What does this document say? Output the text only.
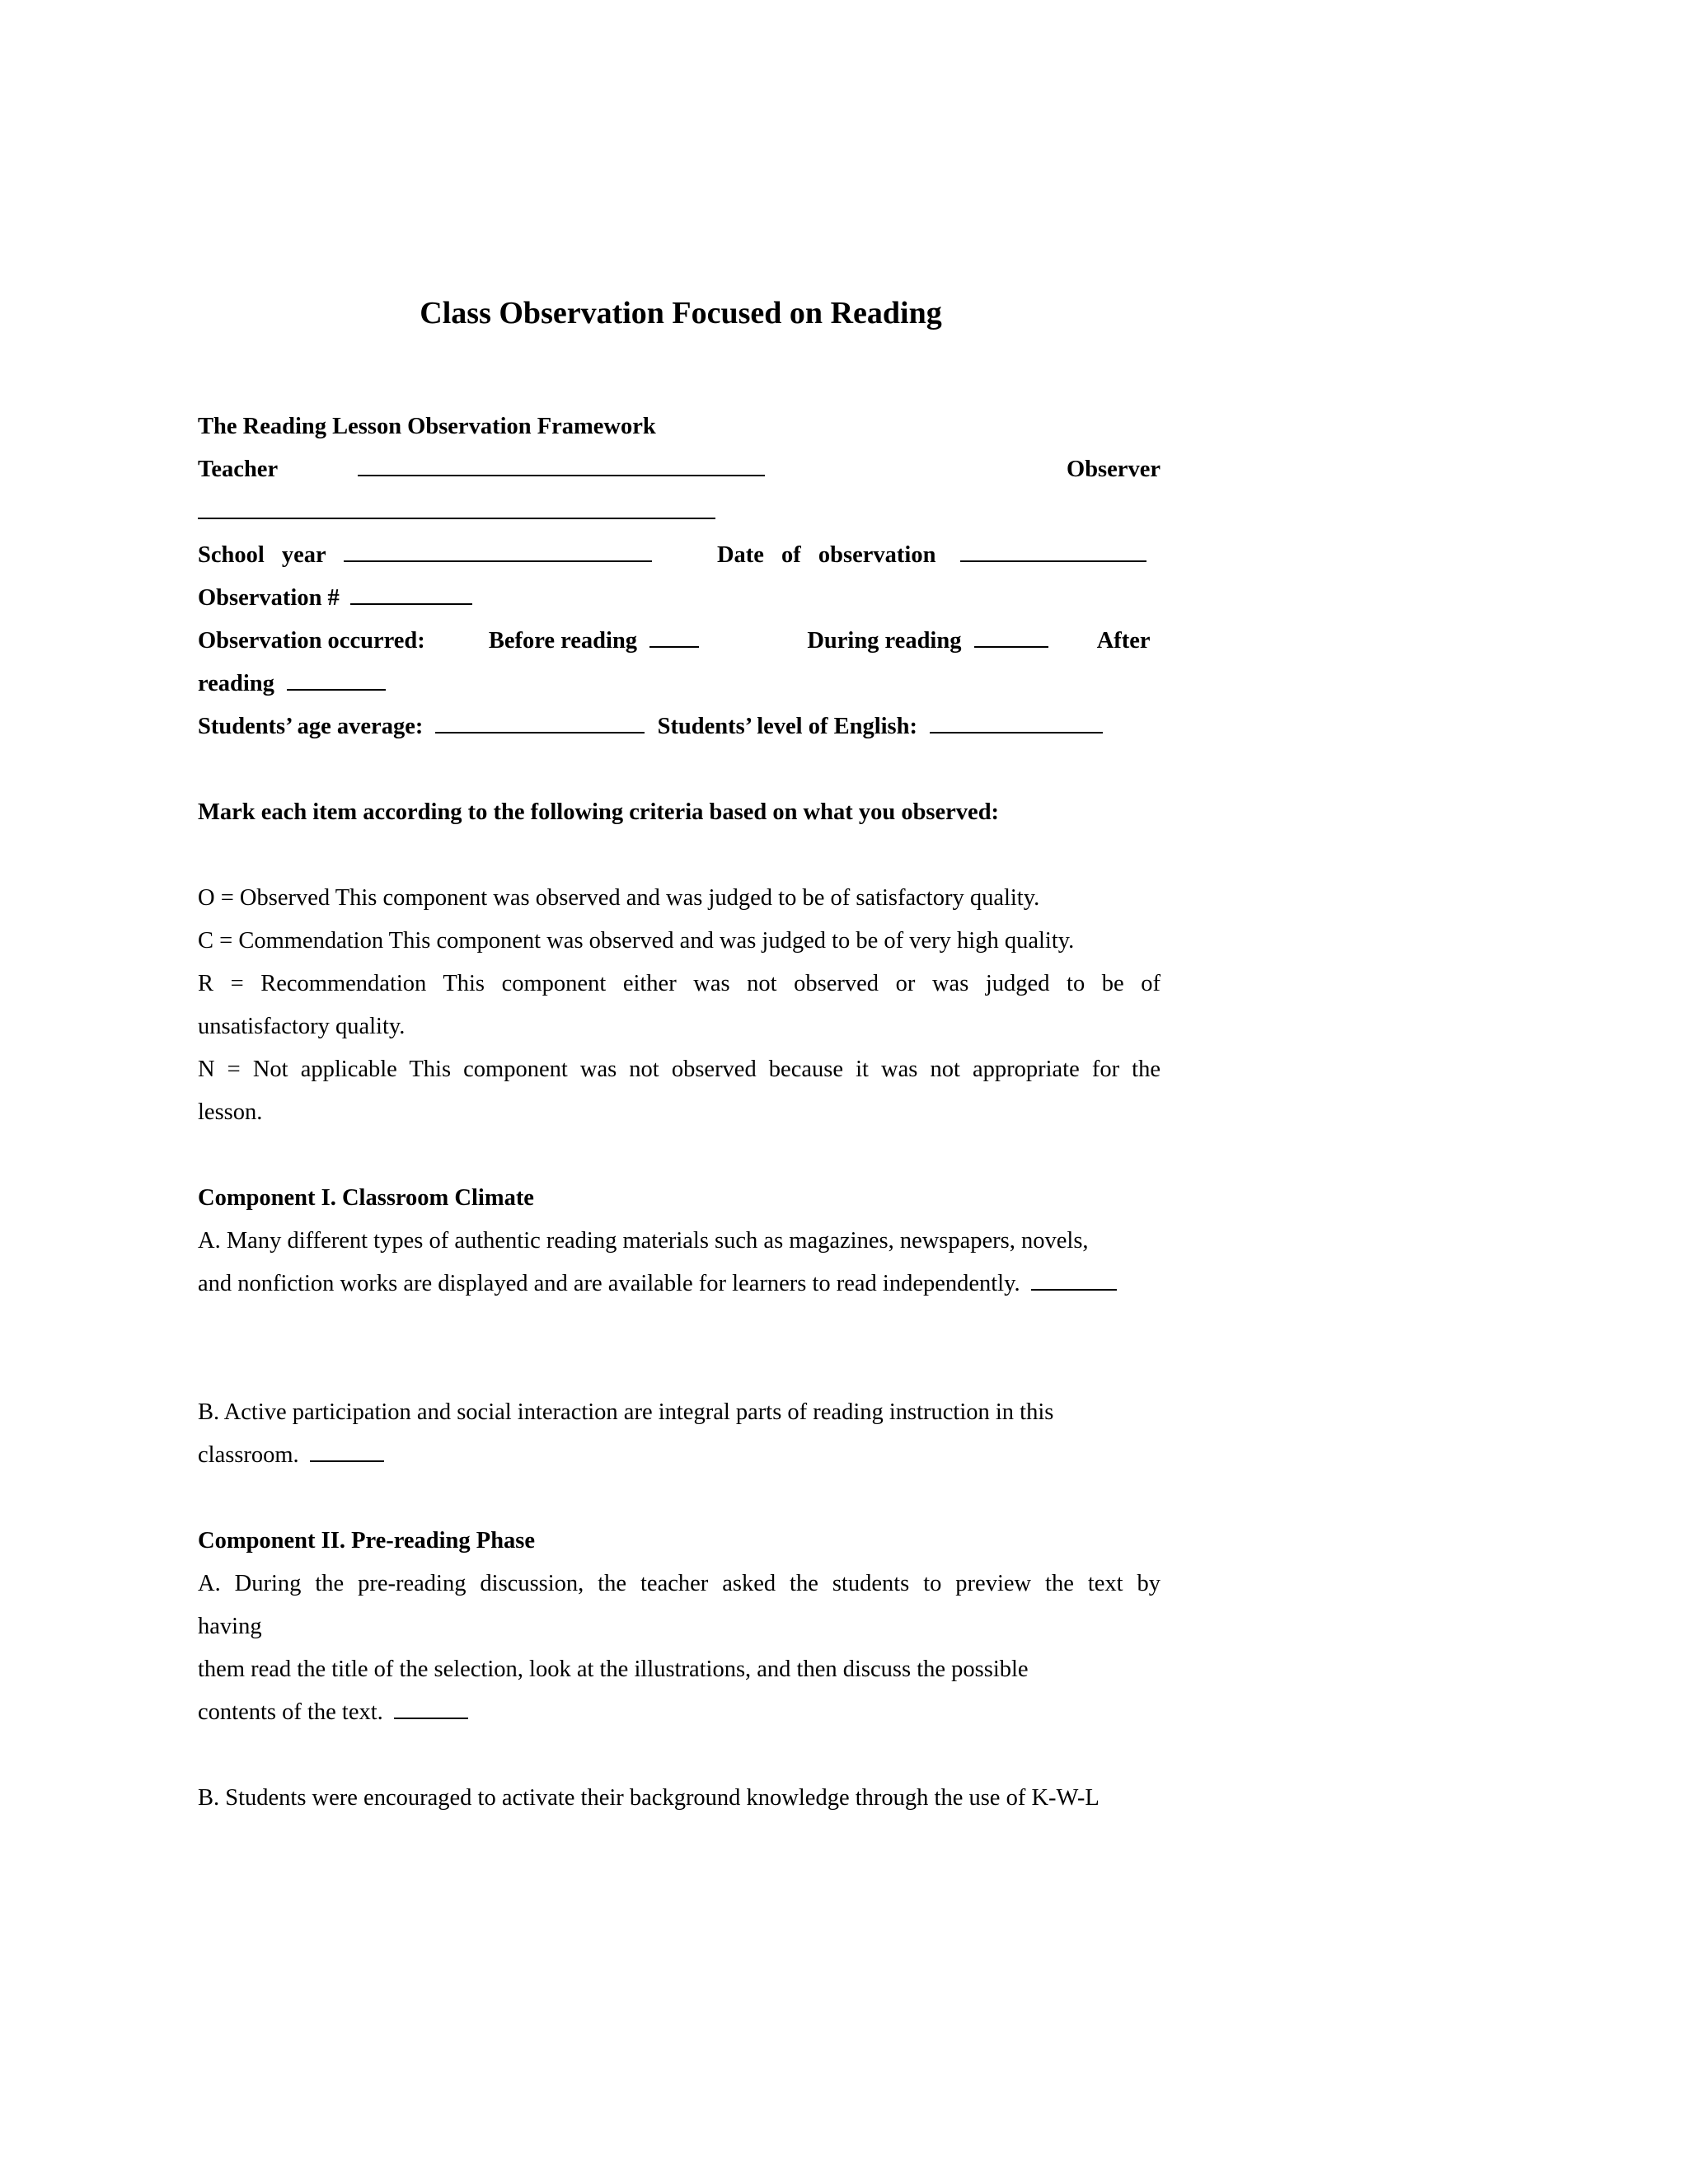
Class Observation Focused on Reading
The Reading Lesson Observation Framework
Teacher	Observer
School year	Date of observation
Observation #
Observation occurred:	Before reading	During reading	After
reading
Students’ age average:	Students’ level of English:
Mark each item according to the following criteria based on what you observed:
O = Observed This component was observed and was judged to be of satisfactory quality.
C = Commendation This component was observed and was judged to be of very high quality.
R = Recommendation This component either was not observed or was judged to be of
unsatisfactory quality.
N = Not applicable This component was not observed because it was not appropriate for the
lesson.
Component I. Classroom Climate
A. Many different types of authentic reading materials such as magazines, newspapers, novels,
and nonfiction works are displayed and are available for learners to read independently.
B. Active participation and social interaction are integral parts of reading instruction in this
classroom.
Component II. Pre-reading Phase
A. During the pre-reading discussion, the teacher asked the students to preview the text by
having
them read the title of the selection, look at the illustrations, and then discuss the possible
contents of the text.
B. Students were encouraged to activate their background knowledge through the use of K-W-L
